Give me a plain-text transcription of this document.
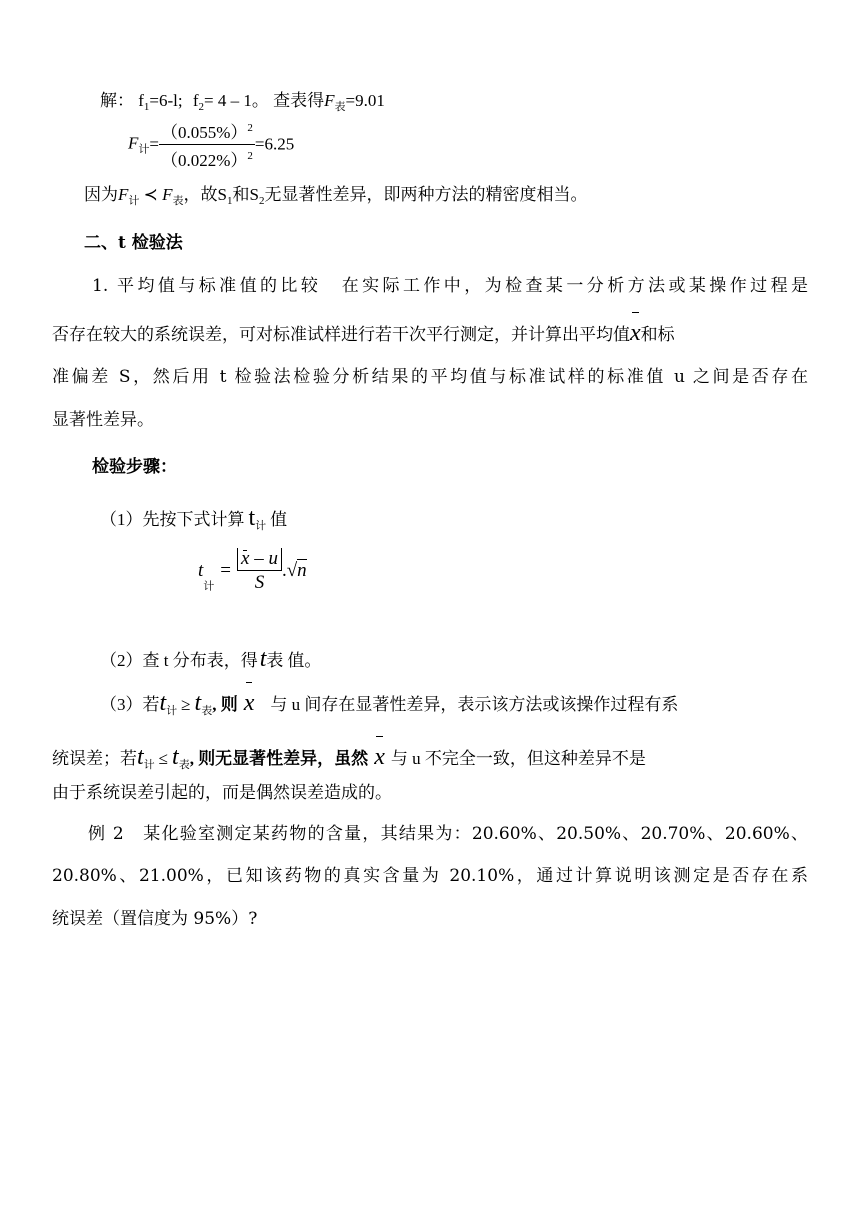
解： $f_1=6-l$; $f_2= 4 - 1$。 查表得$F_表=9.01$
$F_计= \frac{(0.055\%)^2}{(0.022\%)^2} =6.25$
因为$F_计$ ≺ $F_表$，故$S_1$和$S_2$无显著性差异，即两种方法的精密度相当。
二、t 检验法
1. 平均值与标准值的比较　在实际工作中，为检查某一分析方法或某操作过程是
否存在较大的系统误差，可对标准试样进行若干次平行测定，并计算出平均值x和标
准偏差 S，然后用 t 检验法检验分析结果的平均值与标准试样的标准值 u 之间是否存在
显著性差异。
检验步骤：
（1）先按下式计算 $t_计$ 值
$t_计= \frac{x - u}{S} .√n$
（2）查 t 分布表，得t表 值。
（3）若$t_计 \ge t_表$, 则 x 与 u 间存在显著性差异，表示该方法或该操作过程有系
统误差；若$t_计 \le t_表$, 则无显著性差异，虽然 x 与 u 不完全一致，但这种差异不是
由于系统误差引起的，而是偶然误差造成的。
例 2　某化验室测定某药物的含量，其结果为：20.60%、20.50%、20.70%、20.60%、
20.80%、21.00%，已知该药物的真实含量为 20.10%，通过计算说明该测定是否存在系
统误差（置信度为 95%）?
